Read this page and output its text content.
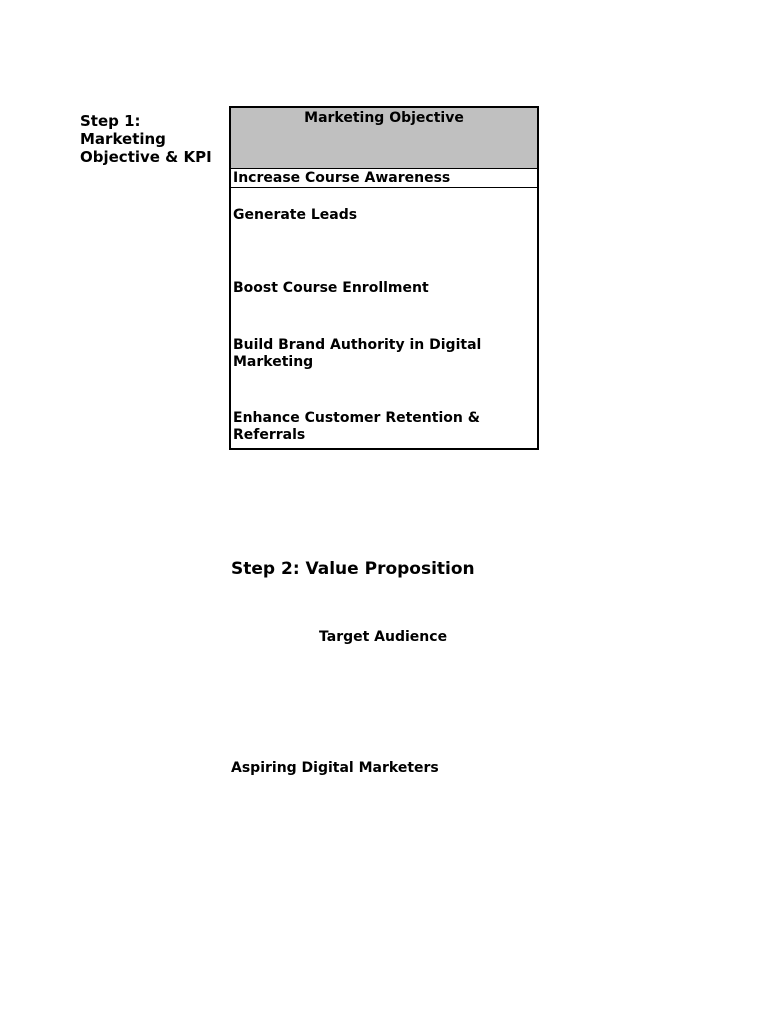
Step 1: Marketing Objective & KPI
Marketing Objective
Increase Course Awareness
Generate Leads
Boost Course Enrollment
Build Brand Authority in Digital Marketing
Enhance Customer Retention & Referrals
Step 2: Value Proposition
Target Audience
Aspiring Digital Marketers
